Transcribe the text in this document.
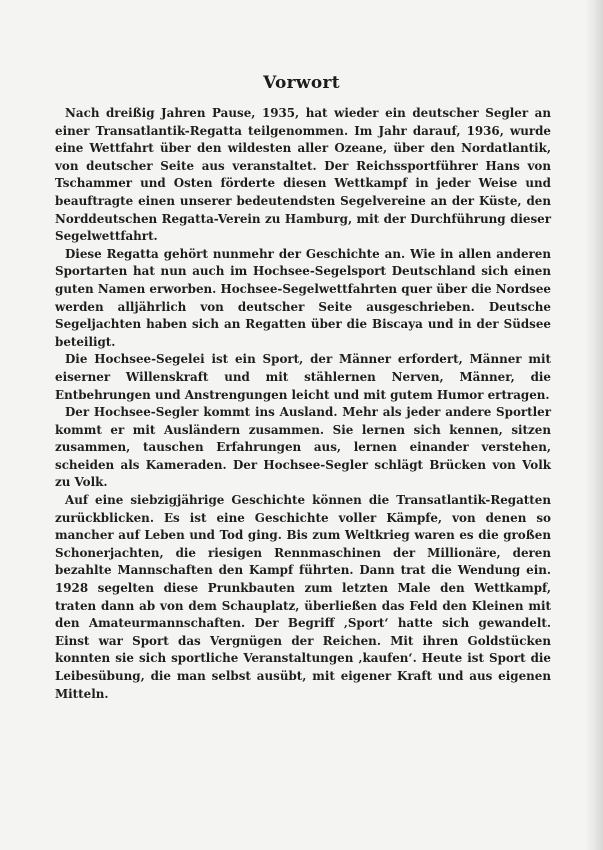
Vorwort

Nach dreißig Jahren Pause, 1935, hat wieder ein deutscher Segler an einer Transatlantik-Regatta teilgenommen. Im Jahr darauf, 1936, wurde eine Wettfahrt über den wildesten aller Ozeane, über den Nordatlantik, von deutscher Seite aus veranstaltet. Der Reichssportführer Hans von Tschammer und Osten förderte diesen Wettkampf in jeder Weise und beauftragte einen unserer bedeutendsten Segelvereine an der Küste, den Norddeutschen Regatta-Verein zu Hamburg, mit der Durchführung dieser Segelwettfahrt.

Diese Regatta gehört nunmehr der Geschichte an. Wie in allen anderen Sportarten hat nun auch im Hochsee-Segelsport Deutschland sich einen guten Namen erworben. Hochsee-Segelwettfahrten quer über die Nordsee werden alljährlich von deutscher Seite ausgeschrieben. Deutsche Segeljachten haben sich an Regatten über die Biscaya und in der Südsee beteiligt.

Die Hochsee-Segelei ist ein Sport, der Männer erfordert, Männer mit eiserner Willenskraft und mit stählernen Nerven, Männer, die Entbehrungen und Anstrengungen leicht und mit gutem Humor ertragen.

Der Hochsee-Segler kommt ins Ausland. Mehr als jeder andere Sportler kommt er mit Ausländern zusammen. Sie lernen sich kennen, sitzen zusammen, tauschen Erfahrungen aus, lernen einander verstehen, scheiden als Kameraden. Der Hochsee-Segler schlägt Brücken von Volk zu Volk.

Auf eine siebzigjährige Geschichte können die Transatlantik-Regatten zurückblicken. Es ist eine Geschichte voller Kämpfe, von denen so mancher auf Leben und Tod ging. Bis zum Weltkrieg waren es die großen Schonerjachten, die riesigen Rennmaschinen der Millionäre, deren bezahlte Mannschaften den Kampf führten. Dann trat die Wendung ein. 1928 segelten diese Prunkbauten zum letzten Male den Wettkampf, traten dann ab von dem Schauplatz, überließen das Feld den Kleinen mit den Amateurmannschaften. Der Begriff ‚Sport‘ hatte sich gewandelt. Einst war Sport das Vergnügen der Reichen. Mit ihren Goldstücken konnten sie sich sportliche Veranstaltungen ‚kaufen‘. Heute ist Sport die Leibesübung, die man selbst ausübt, mit eigener Kraft und aus eigenen Mitteln.
